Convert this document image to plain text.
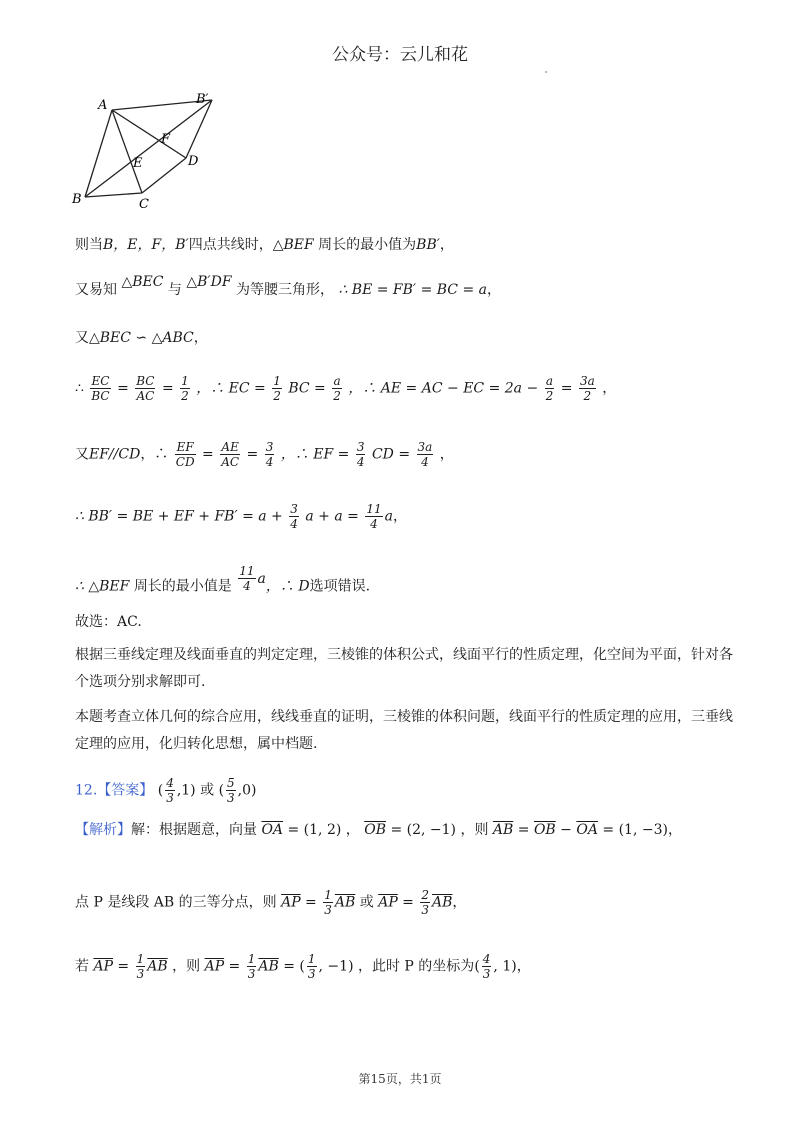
公众号：云儿和花
A	B′
F
E	D
B	C
则当B，E，F，B′四点共线时，△BEF 周长的最小值为BB′，
又易知 △BEC 与 △B′DF 为等腰三角形， ∴ BE = FB′ = BC = a，
又△BEC ∽ △ABC，
∴ $\frac{EC}{BC} = \frac{BC}{AC} = \frac{1}{2}$ ，∴ EC = $\frac{1}{2}$ BC = $\frac{a}{2}$ ，∴ AE = AC − EC = $2a - \frac{a}{2} = \frac{3a}{2}$ ，
又EF//CD，∴ $\frac{EF}{CD} = \frac{AE}{AC} = \frac{3}{4}$ ，∴ EF = $\frac{3}{4}$ CD = $\frac{3a}{4}$ ，
∴ BB′ = BE + EF + $FB' = a + \frac{3}{4}$ $a + a = \frac{11}{4}$ a，
∴ △BEF 周长的最小值是 $\frac{11}{4}$ a，∴ D选项错误.
故选：AC.
根据三垂线定理及线面垂直的判定定理，三棱锥的体积公式，线面平行的性质定理，化空间为平面，针对各个选项分别求解即可.
本题考查立体几何的综合应用，线线垂直的证明，三棱锥的体积问题，线面平行的性质定理的应用，三垂线定理的应用，化归转化思想，属中档题.
12.【答案】 ( $\frac{4}{3} ,1$) 或 ( $\frac{5}{3} ,0$)
【解析】解：根据题意，向量 $\overline{OA} = (1$, 2) ， $\overline{OB} = (2$, −1) ，则 $\overline{AB} = \overline{OB} - \overline{OA} = (1$, −3)，
点 P 是线段 AB 的三等分点，则 $\overline{AP} = \frac{1}{3} \overline{AB}$ 或 $\overline{AP} = \frac{2}{3} \overline{AB}$，
若 $\overline{AP} = \frac{1}{3} \overline{AB}$ ，则 $\overline{AP} = \frac{1}{3} \overline{AB}$ = ( $\frac{1}{3}$ , −1) ，此时 P 的坐标为( $\frac{4}{3}$ , 1)，
第15页，共1页
